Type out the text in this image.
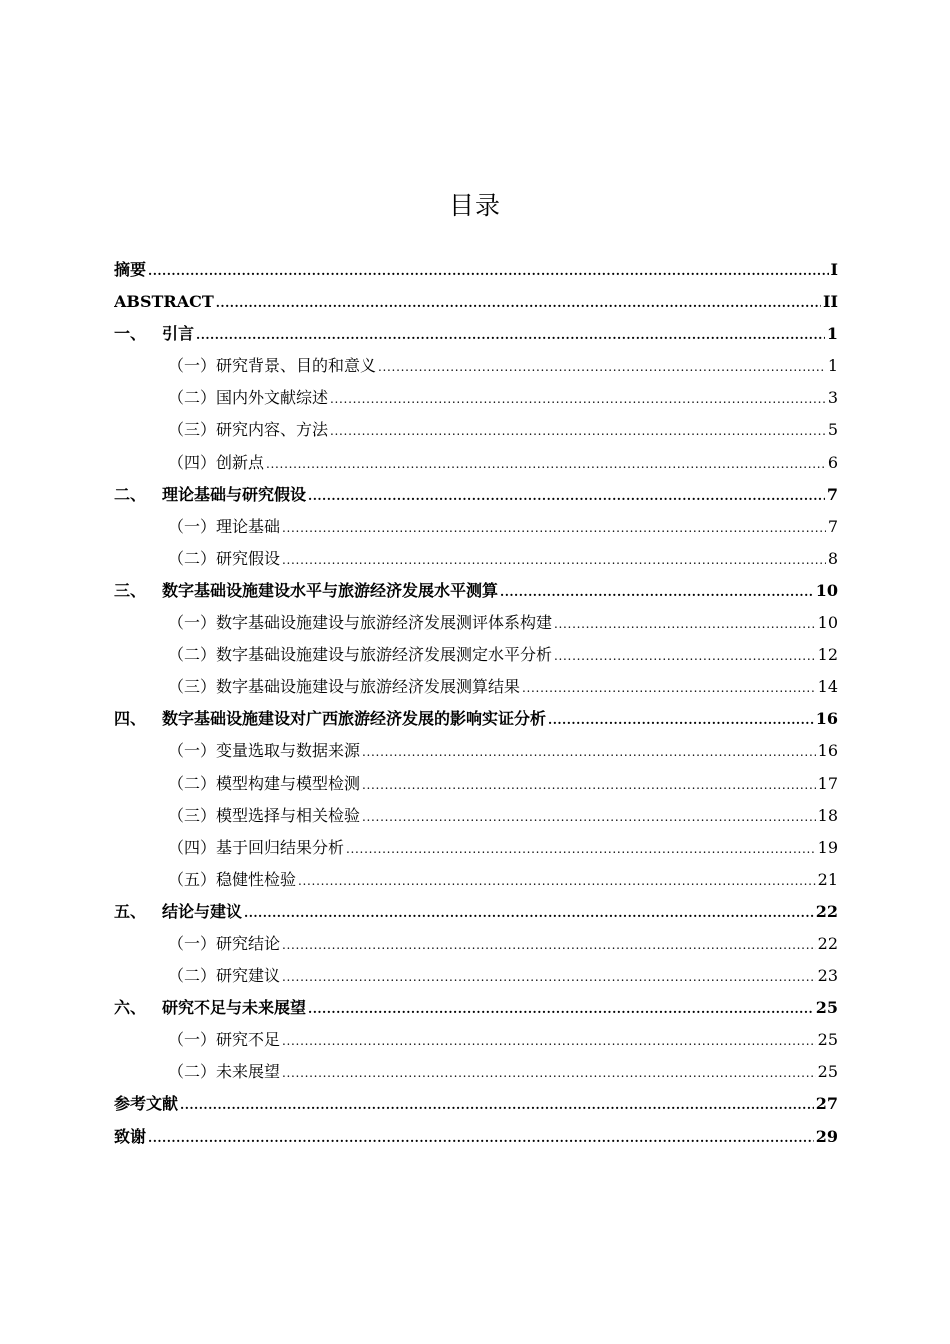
目录
摘要 .....	I
ABSTRACT .....	II
一、 引言 .....	1
（一）研究背景、目的和意义 .....	1
（二）国内外文献综述 .....	3
（三）研究内容、方法 .....	5
（四）创新点 .....	6
二、 理论基础与研究假设 .....	7
（一）理论基础 .....	7
（二）研究假设 .....	8
三、 数字基础设施建设水平与旅游经济发展水平测算 .....	10
（一）数字基础设施建设与旅游经济发展测评体系构建 .....	10
（二）数字基础设施建设与旅游经济发展测定水平分析 .....	12
（三）数字基础设施建设与旅游经济发展测算结果 .....	14
四、 数字基础设施建设对广西旅游经济发展的影响实证分析 .....	16
（一）变量选取与数据来源 .....	16
（二）模型构建与模型检测 .....	17
（三）模型选择与相关检验 .....	18
（四）基于回归结果分析 .....	19
（五）稳健性检验 .....	21
五、 结论与建议 .....	22
（一）研究结论 .....	22
（二）研究建议 .....	23
六、 研究不足与未来展望 .....	25
（一）研究不足 .....	25
（二）未来展望 .....	25
参考文献 .....	27
致谢 .....	29
